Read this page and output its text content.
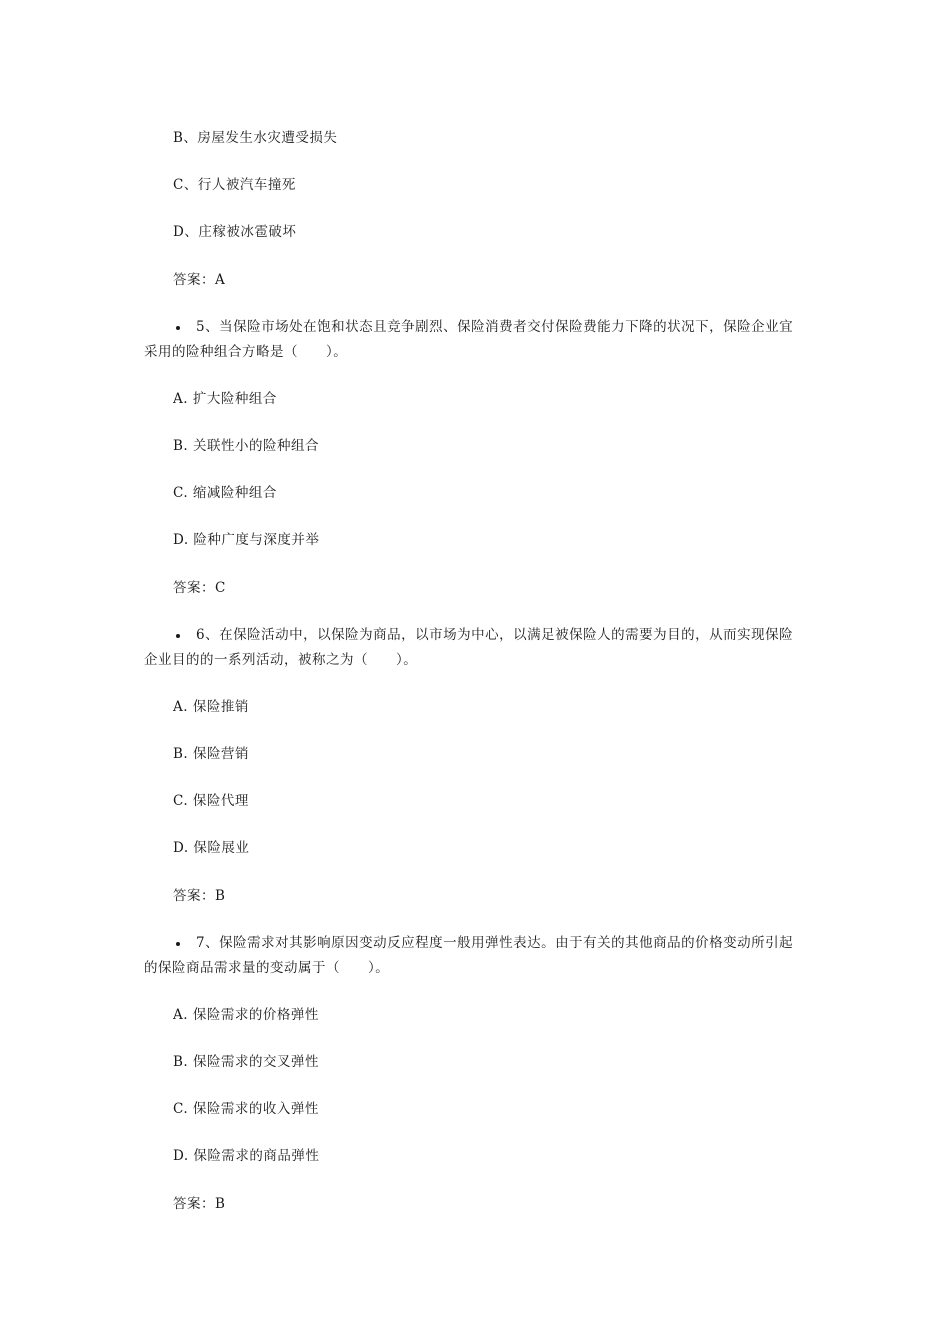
B、房屋发生水灾遭受损失
C、行人被汽车撞死
D、庄稼被冰雹破坏
答案：A
5、当保险市场处在饱和状态且竞争剧烈、保险消费者交付保险费能力下降的状况下，保险企业宜
采用的险种组合方略是（　　）。
A. 扩大险种组合
B. 关联性小的险种组合
C. 缩减险种组合
D. 险种广度与深度并举
答案：C
6、在保险活动中，以保险为商品，以市场为中心，以满足被保险人的需要为目的，从而实现保险
企业目的的一系列活动，被称之为（　　）。
A. 保险推销
B. 保险营销
C. 保险代理
D. 保险展业
答案：B
7、保险需求对其影响原因变动反应程度一般用弹性表达。由于有关的其他商品的价格变动所引起
的保险商品需求量的变动属于（　　）。
A. 保险需求的价格弹性
B. 保险需求的交叉弹性
C. 保险需求的收入弹性
D. 保险需求的商品弹性
答案：B
